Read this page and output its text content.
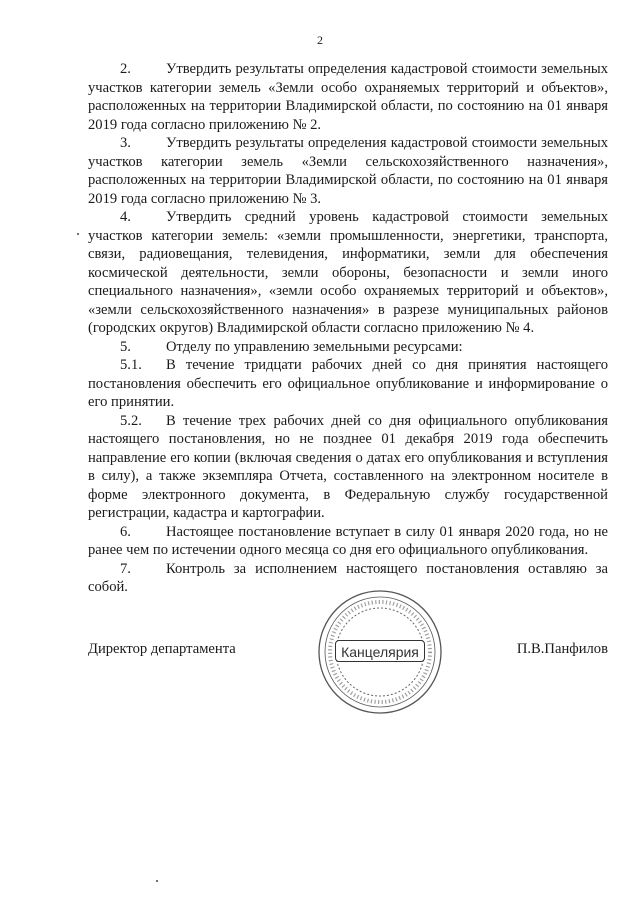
2

2. Утвердить результаты определения кадастровой стоимости земельных участков категории земель «Земли особо охраняемых территорий и объектов», расположенных на территории Владимирской области, по состоянию на 01 января 2019 года согласно приложению № 2.

3. Утвердить результаты определения кадастровой стоимости земельных участков категории земель «Земли сельскохозяйственного назначения», расположенных на территории Владимирской области, по состоянию на 01 января 2019 года согласно приложению № 3.

4. Утвердить средний уровень кадастровой стоимости земельных участков категории земель: «земли промышленности, энергетики, транспорта, связи, радиовещания, телевидения, информатики, земли для обеспечения космической деятельности, земли обороны, безопасности и земли иного специального назначения», «земли особо охраняемых территорий и объектов», «земли сельскохозяйственного назначения» в разрезе муниципальных районов (городских округов) Владимирской области согласно приложению № 4.

5. Отделу по управлению земельными ресурсами:

5.1. В течение тридцати рабочих дней со дня принятия настоящего постановления обеспечить его официальное опубликование и информирование о его принятии.

5.2. В течение трех рабочих дней со дня официального опубликования настоящего постановления, но не позднее 01 декабря 2019 года обеспечить направление его копии (включая сведения о датах его опубликования и вступления в силу), а также экземпляра Отчета, составленного на электронном носителе в форме электронного документа, в Федеральную службу государственной регистрации, кадастра и картографии.

6. Настоящее постановление вступает в силу 01 января 2020 года, но не ранее чем по истечении одного месяца со дня его официального опубликования.

7. Контроль за исполнением настоящего постановления оставляю за собой.

Канцелярия
Директор департамента	П.В.Панфилов
